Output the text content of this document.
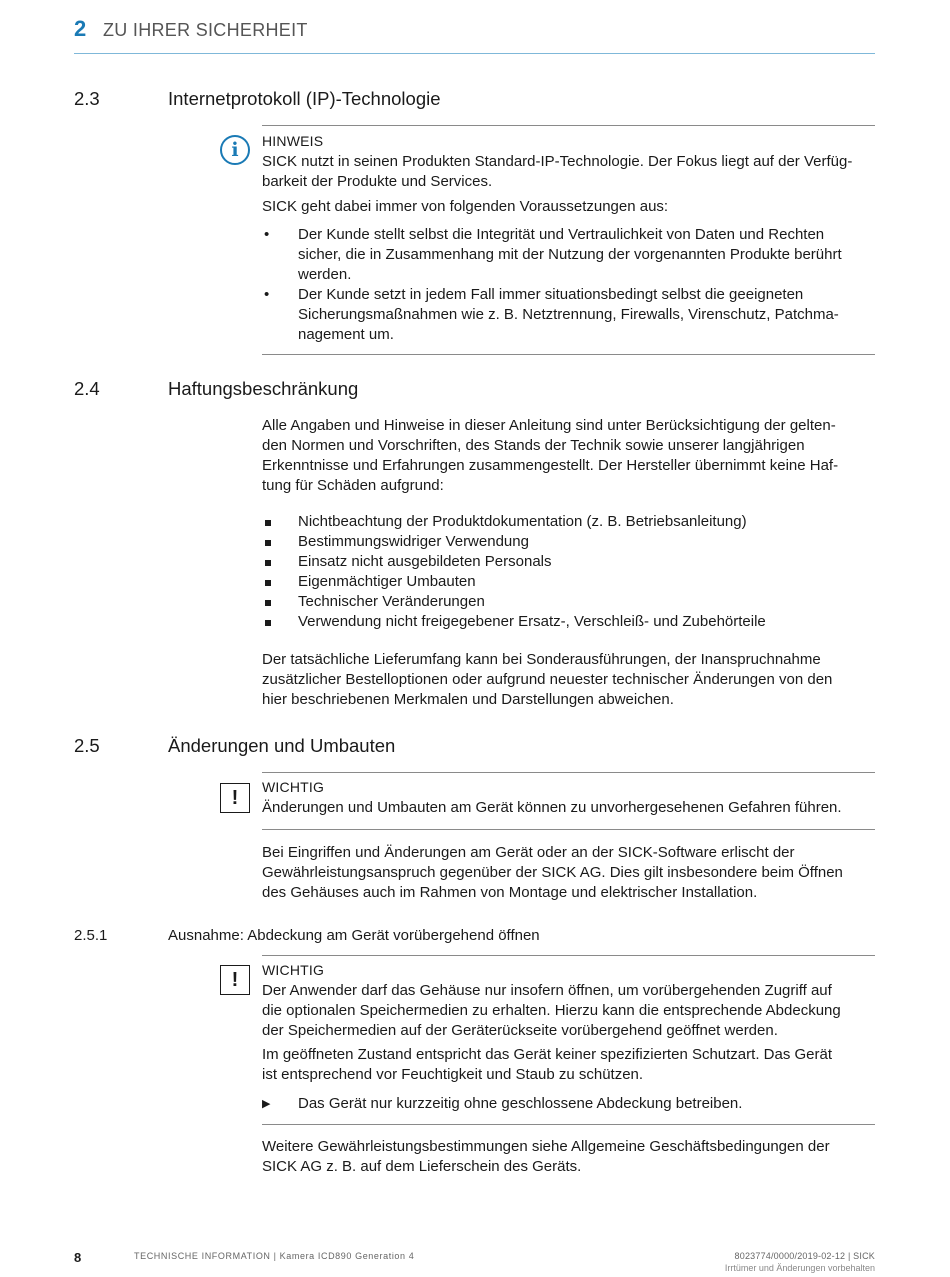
2 ZU IHRER SICHERHEIT
2.3	Internetprotokoll (IP)-Technologie
i	HINWEIS
SICK nutzt in seinen Produkten Standard-IP-Technologie. Der Fokus liegt auf der Verfüg-
barkeit der Produkte und Services.
SICK geht dabei immer von folgenden Voraussetzungen aus:
• Der Kunde stellt selbst die Integrität und Vertraulichkeit von Daten und Rechten
sicher, die in Zusammenhang mit der Nutzung der vorgenannten Produkte berührt
werden.
• Der Kunde setzt in jedem Fall immer situationsbedingt selbst die geeigneten
Sicherungsmaßnahmen wie z. B. Netztrennung, Firewalls, Virenschutz, Patchma-
nagement um.
2.4	Haftungsbeschränkung
Alle Angaben und Hinweise in dieser Anleitung sind unter Berücksichtigung der gelten-
den Normen und Vorschriften, des Stands der Technik sowie unserer langjährigen
Erkenntnisse und Erfahrungen zusammengestellt. Der Hersteller übernimmt keine Haf-
tung für Schäden aufgrund:
Nichtbeachtung der Produktdokumentation (z. B. Betriebsanleitung)
Bestimmungswidriger Verwendung
Einsatz nicht ausgebildeten Personals
Eigenmächtiger Umbauten
Technischer Veränderungen
Verwendung nicht freigegebener Ersatz-, Verschleiß- und Zubehörteile
Der tatsächliche Lieferumfang kann bei Sonderausführungen, der Inanspruchnahme
zusätzlicher Bestelloptionen oder aufgrund neuester technischer Änderungen von den
hier beschriebenen Merkmalen und Darstellungen abweichen.
2.5	Änderungen und Umbauten
!	WICHTIG
Änderungen und Umbauten am Gerät können zu unvorhergesehenen Gefahren führen.
Bei Eingriffen und Änderungen am Gerät oder an der SICK-Software erlischt der
Gewährleistungsanspruch gegenüber der SICK AG. Dies gilt insbesondere beim Öffnen
des Gehäuses auch im Rahmen von Montage und elektrischer Installation.
2.5.1	Ausnahme: Abdeckung am Gerät vorübergehend öffnen
!	WICHTIG
Der Anwender darf das Gehäuse nur insofern öffnen, um vorübergehenden Zugriff auf
die optionalen Speichermedien zu erhalten. Hierzu kann die entsprechende Abdeckung
der Speichermedien auf der Geräterückseite vorübergehend geöffnet werden.
Im geöffneten Zustand entspricht das Gerät keiner spezifizierten Schutzart. Das Gerät
ist entsprechend vor Feuchtigkeit und Staub zu schützen.
▶ Das Gerät nur kurzzeitig ohne geschlossene Abdeckung betreiben.
Weitere Gewährleistungsbestimmungen siehe Allgemeine Geschäftsbedingungen der
SICK AG z. B. auf dem Lieferschein des Geräts.
8	TECHNISCHE INFORMATION | Kamera ICD890 Generation 4	8023774/0000/2019-02-12 | SICK
Irrtümer und Änderungen vorbehalten
